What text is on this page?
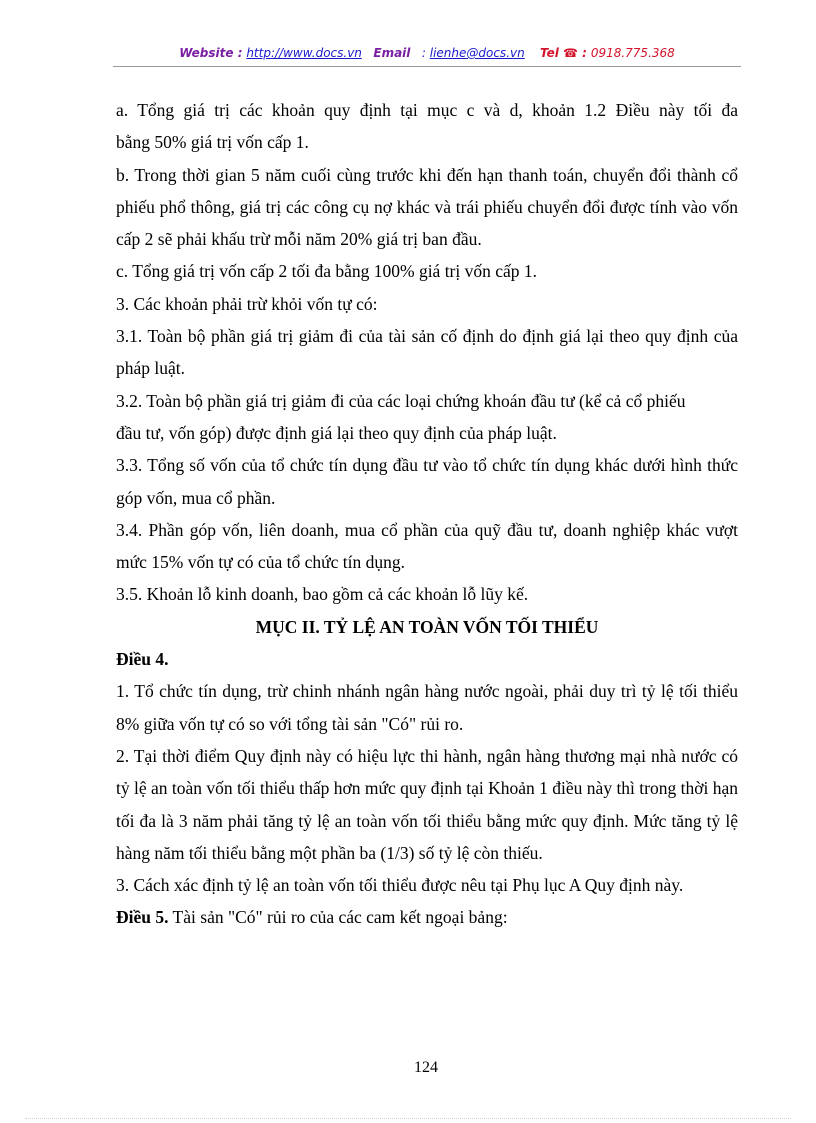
Website : http://www.docs.vn Email : lienhe@docs.vn Tel ☎ : 0918.775.368

a. Tổng giá trị các khoản quy định tại mục c và d, khoản 1.2 Điều này tối đa

bằng 50% giá trị vốn cấp 1.

b. Trong thời gian 5 năm cuối cùng trước khi đến hạn thanh toán, chuyển đổi thành cổ phiếu phổ thông, giá trị các công cụ nợ khác và trái phiếu chuyển đổi được tính vào vốn cấp 2 sẽ phải khấu trừ mỗi năm 20% giá trị ban đầu.

c. Tổng giá trị vốn cấp 2 tối đa bằng 100% giá trị vốn cấp 1.

3. Các khoản phải trừ khỏi vốn tự có:

3.1. Toàn bộ phần giá trị giảm đi của tài sản cố định do định giá lại theo quy định của pháp luật.

3.2. Toàn bộ phần giá trị giảm đi của các loại chứng khoán đầu tư (kể cả cổ phiếu

đầu tư, vốn góp) được định giá lại theo quy định của pháp luật.

3.3. Tổng số vốn của tổ chức tín dụng đầu tư vào tổ chức tín dụng khác dưới hình thức góp vốn, mua cổ phần.

3.4. Phần góp vốn, liên doanh, mua cổ phần của quỹ đầu tư, doanh nghiệp khác vượt mức 15% vốn tự có của tổ chức tín dụng.

3.5. Khoản lỗ kinh doanh, bao gồm cả các khoản lỗ lũy kế.

MỤC II. TỶ LỆ AN TOÀN VỐN TỐI THIỂU

Điều 4.

1. Tổ chức tín dụng, trừ chinh nhánh ngân hàng nước ngoài, phải duy trì tỷ lệ tối thiểu 8% giữa vốn tự có so với tổng tài sản "Có" rủi ro.

2. Tại thời điểm Quy định này có hiệu lực thi hành, ngân hàng thương mại nhà nước có tỷ lệ an toàn vốn tối thiểu thấp hơn mức quy định tại Khoản 1 điều này thì trong thời hạn tối đa là 3 năm phải tăng tỷ lệ an toàn vốn tối thiểu bằng mức quy định. Mức tăng tỷ lệ hàng năm tối thiểu bằng một phần ba (1/3) số tỷ lệ còn thiếu.

3. Cách xác định tỷ lệ an toàn vốn tối thiểu được nêu tại Phụ lục A Quy định này.

Điều 5. Tài sản "Có" rủi ro của các cam kết ngoại bảng:

124
